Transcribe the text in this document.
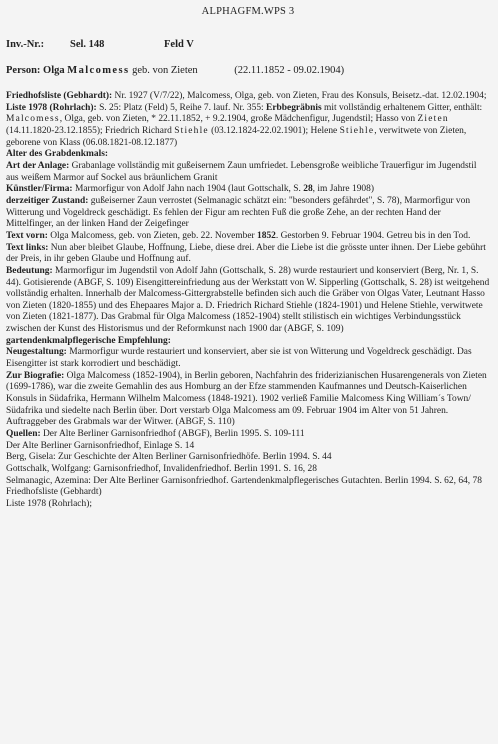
ALPHAGFM.WPS 3
Inv.-Nr.: Sel. 148	Feld V
Person: Olga Malcomess geb. von Zieten	(22.11.1852 - 09.02.1904)

Friedhofsliste (Gebhardt): Nr. 1927 (V/7/22), Malcomess, Olga, geb. von Zieten, Frau des Konsuls, Beisetz.-dat. 12.02.1904;

Liste 1978 (Rohrlach): S. 25: Platz (Feld) 5, Reihe 7. lauf. Nr. 355: Erbbegräbnis mit vollständig erhaltenem Gitter, enthält: Malcomess, Olga, geb. von Zieten, * 22.11.1852, + 9.2.1904, große Mädchenfigur, Jugendstil; Hasso von Zieten (14.11.1820-23.12.1855); Friedrich Richard Stiehle (03.12.1824-22.02.1901); Helene Stiehle, verwitwete von Zieten, geborene von Klass (06.08.1821-08.12.1877)

Alter des Grabdenkmals:

Art der Anlage: Grabanlage vollständig mit gußeisernem Zaun umfriedet. Lebensgroße weibliche Trauerfigur im Jugendstil aus weißem Marmor auf Sockel aus bräunlichem Granit

Künstler/Firma: Marmorfigur von Adolf Jahn nach 1904 (laut Gottschalk, S. 28, im Jahre 1908)

derzeitiger Zustand: gußeiserner Zaun verrostet (Selmanagic schätzt ein: "besonders gefährdet", S. 78), Marmorfigur von Witterung und Vogeldreck geschädigt. Es fehlen der Figur am rechten Fuß die große Zehe, an der rechten Hand der Mittelfinger, an der linken Hand der Zeigefinger

Text vorn: Olga Malcomess, geb. von Zieten, geb. 22. November 1852. Gestorben 9. Februar 1904. Getreu bis in den Tod.

Text links: Nun aber bleibet Glaube, Hoffnung, Liebe, diese drei. Aber die Liebe ist die grösste unter ihnen. Der Liebe gebührt der Preis, in ihr geben Glaube und Hoffnung auf.

Bedeutung: Marmorfigur im Jugendstil von Adolf Jahn (Gottschalk, S. 28) wurde restauriert und konserviert (Berg, Nr. 1, S. 44). Gotisierende (ABGF, S. 109) Eisengittereinfriedung aus der Werkstatt von W. Sipperling (Gottschalk, S. 28) ist weitgehend vollständig erhalten. Innerhalb der Malcomess-Gittergrabstelle befinden sich auch die Gräber von Olgas Vater, Leutnant Hasso von Zieten (1820-1855) und des Ehepaares Major a. D. Friedrich Richard Stiehle (1824-1901) und Helene Stiehle, verwitwete von Zieten (1821-1877). Das Grabmal für Olga Malcomess (1852-1904) stellt stilistisch ein wichtiges Verbindungsstück zwischen der Kunst des Historismus und der Reformkunst nach 1900 dar (ABGF, S. 109)

gartendenkmalpflegerische Empfehlung:

Neugestaltung: Marmorfigur wurde restauriert und konserviert, aber sie ist von Witterung und Vogeldreck geschädigt. Das Eisengitter ist stark korrodiert und beschädigt.

Zur Biografie: Olga Malcomess (1852-1904), in Berlin geboren, Nachfahrin des friderizianischen Husarengenerals von Zieten (1699-1786), war die zweite Gemahlin des aus Homburg an der Efze stammenden Kaufmannes und Deutsch-Kaiserlichen Konsuls in Südafrika, Hermann Wilhelm Malcomess (1848-1921). 1902 verließ Familie Malcomess King William´s Town/ Südafrika und siedelte nach Berlin über. Dort verstarb Olga Malcomess am 09. Februar 1904 im Alter von 51 Jahren. Auftraggeber des Grabmals war der Witwer. (ABGF, S. 110)

Quellen: Der Alte Berliner Garnisonfriedhof (ABGF), Berlin 1995. S. 109-111

Der Alte Berliner Garnisonfriedhof, Einlage S. 14

Berg, Gisela: Zur Geschichte der Alten Berliner Garnisonfriedhöfe. Berlin 1994. S. 44

Gottschalk, Wolfgang: Garnisonfriedhof, Invalidenfriedhof. Berlin 1991. S. 16, 28

Selmanagic, Azemina: Der Alte Berliner Garnisonfriedhof. Gartendenkmalpflegerisches Gutachten. Berlin 1994. S. 62, 64, 78

Friedhofsliste (Gebhardt)

Liste 1978 (Rohrlach);
